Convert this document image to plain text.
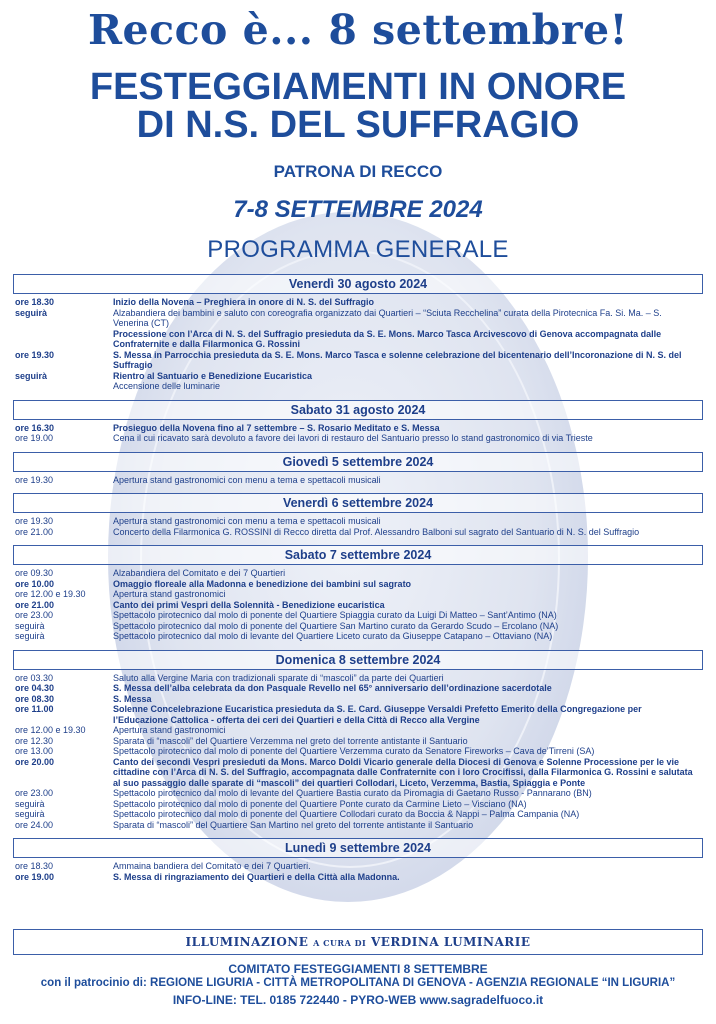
Recco è... 8 settembre!
FESTEGGIAMENTI IN ONORE
DI N.S. DEL SUFFRAGIO
PATRONA DI RECCO
7-8 SETTEMBRE 2024
PROGRAMMA GENERALE
Venerdì 30 agosto 2024
ore 18.30	Inizio della Novena – Preghiera in onore di N. S. del Suffragio
seguirà	Alzabandiera dei bambini e saluto con coreografia organizzato dai Quartieri – “Sciuta Recchelina” curata della Pirotecnica Fa. Si. Ma. – S. Venerina (CT)
Processione con l’Arca di N. S. del Suffragio presieduta da S. E. Mons. Marco Tasca Arcivescovo di Genova accompagnata dalle Confraternite e dalla Filarmonica G. Rossini
ore 19.30	S. Messa in Parrocchia presieduta da S. E. Mons. Marco Tasca e solenne celebrazione del bicentenario dell’Incoronazione di N. S. del Suffragio
seguirà	Rientro al Santuario e Benedizione Eucaristica
Accensione delle luminarie
Sabato 31 agosto 2024
ore 16.30	Prosieguo della Novena fino al 7 settembre – S. Rosario Meditato e S. Messa
ore 19.00	Cena il cui ricavato sarà devoluto a favore dei lavori di restauro del Santuario presso lo stand gastronomico di via Trieste
Giovedì 5 settembre 2024
ore 19.30	Apertura stand gastronomici con menu a tema e spettacoli musicali
Venerdì 6 settembre 2024
ore 19.30	Apertura stand gastronomici con menu a tema e spettacoli musicali
ore 21.00	Concerto della Filarmonica G. ROSSINI di Recco diretta dal Prof. Alessandro Balboni sul sagrato del Santuario di N. S. del Suffragio
Sabato 7 settembre 2024
ore 09.30	Alzabandiera del Comitato e dei 7 Quartieri
ore 10.00	Omaggio floreale alla Madonna e benedizione dei bambini sul sagrato
ore 12.00 e 19.30	Apertura stand gastronomici
ore 21.00	Canto dei primi Vespri della Solennità - Benedizione eucaristica
ore 23.00	Spettacolo pirotecnico dal molo di ponente del Quartiere Spiaggia curato da Luigi Di Matteo – Sant’Antimo (NA)
seguirà	Spettacolo pirotecnico dal molo di ponente del Quartiere San Martino curato da Gerardo Scudo – Ercolano (NA)
seguirà	Spettacolo pirotecnico dal molo di levante del Quartiere Liceto curato da Giuseppe Catapano – Ottaviano (NA)
Domenica 8 settembre 2024
ore 03.30	Saluto alla Vergine Maria con tradizionali sparate di “mascoli” da parte dei Quartieri
ore 04.30	S. Messa dell’alba celebrata da don Pasquale Revello nel 65° anniversario dell’ordinazione sacerdotale
ore 08.30	S. Messa
ore 11.00	Solenne Concelebrazione Eucaristica presieduta da S. E. Card. Giuseppe Versaldi Prefetto Emerito della Congregazione per l’Educazione Cattolica - offerta dei ceri dei Quartieri e della Città di Recco alla Vergine
ore 12.00 e 19.30	Apertura stand gastronomici
ore 12.30	Sparata di “mascoli” del Quartiere Verzemma nel greto del torrente antistante il Santuario
ore 13.00	Spettacolo pirotecnico dal molo di ponente del Quartiere Verzemma curato da Senatore Fireworks – Cava de’Tirreni (SA)
ore 20.00	Canto dei secondi Vespri presieduti da Mons. Marco Doldi Vicario generale della Diocesi di Genova e Solenne Processione per le vie cittadine con l’Arca di N. S. del Suffragio, accompagnata dalle Confraternite con i loro Crocifissi, dalla Filarmonica G. Rossini e salutata al suo passaggio dalle sparate di “mascoli” dei quartieri Collodari, Liceto, Verzemma, Bastia, Spiaggia e Ponte
ore 23.00	Spettacolo pirotecnico dal molo di levante del Quartiere Bastia curato da Piromagia di Gaetano Russo - Pannarano (BN)
seguirà	Spettacolo pirotecnico dal molo di ponente del Quartiere Ponte curato da Carmine Lieto – Visciano (NA)
seguirà	Spettacolo pirotecnico dal molo di ponente del Quartiere Collodari curato da Boccia & Nappi – Palma Campania (NA)
ore 24.00	Sparata di “mascoli” del Quartiere San Martino nel greto del torrente antistante il Santuario
Lunedì 9 settembre 2024
ore 18.30	Ammaina bandiera del Comitato e dei 7 Quartieri.
ore 19.00	S. Messa di ringraziamento dei Quartieri e della Città alla Madonna.
ILLUMINAZIONE A CURA DI VERDINA LUMINARIE
COMITATO FESTEGGIAMENTI 8 SETTEMBRE
con il patrocinio di: REGIONE LIGURIA - CITTÀ METROPOLITANA DI GENOVA - AGENZIA REGIONALE “IN LIGURIA”
INFO-LINE: TEL. 0185 722440 - PYRO-WEB www.sagradelfuoco.it
